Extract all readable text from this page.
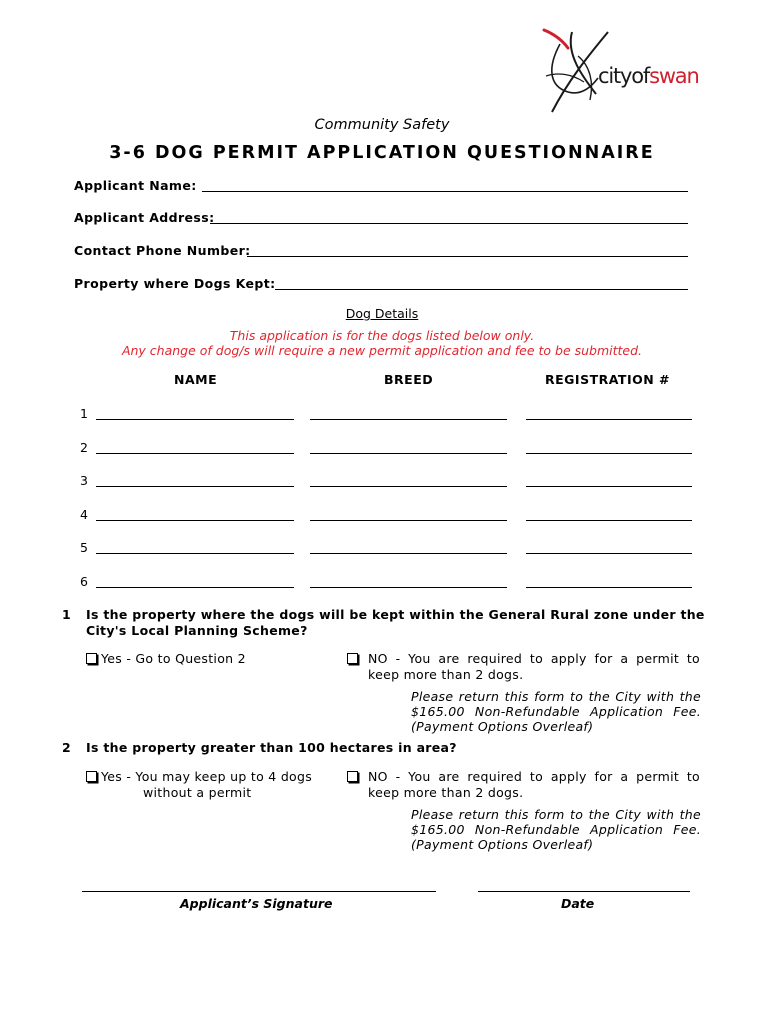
cityofswan
Community Safety
3-6 DOG PERMIT APPLICATION QUESTIONNAIRE
Applicant Name:
Applicant Address:
Contact Phone Number:
Property where Dogs Kept:
Dog Details
This application is for the dogs listed below only.
Any change of dog/s will require a new permit application and fee to be submitted.
NAME	BREED	REGISTRATION #
1
2
3
4
5
6
1 Is the property where the dogs will be kept within the General Rural zone under the City's Local Planning Scheme?
Yes - Go to Question 2	NO - You are required to apply for a permit to keep more than 2 dogs.
Please return this form to the City with the $165.00 Non-Refundable Application Fee. (Payment Options Overleaf)
2 Is the property greater than 100 hectares in area?
Yes - You may keep up to 4 dogs
without a permit
NO - You are required to apply for a permit to keep more than 2 dogs.
Please return this form to the City with the $165.00 Non-Refundable Application Fee. (Payment Options Overleaf)
Applicant’s Signature	Date
